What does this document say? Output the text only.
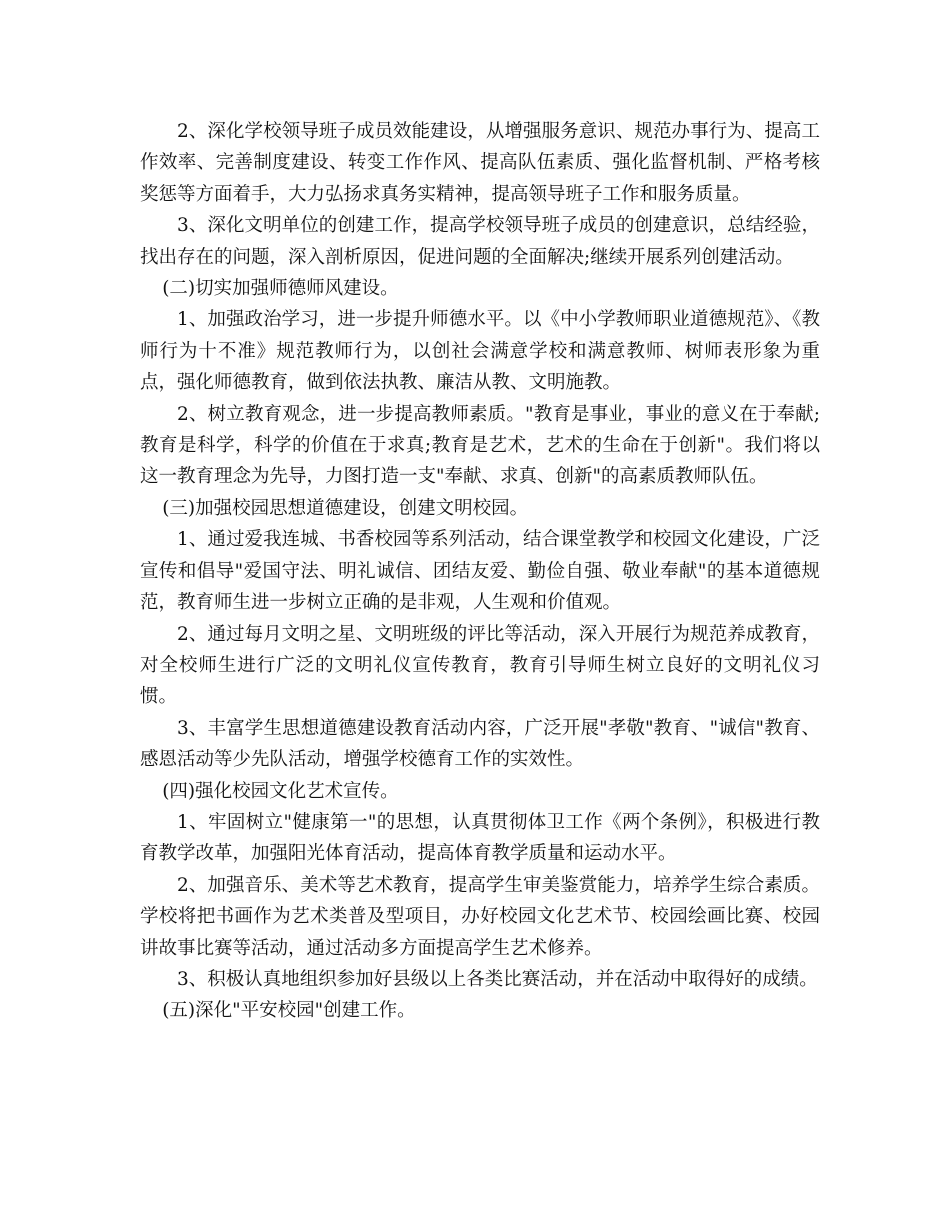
2、深化学校领导班子成员效能建设，从增强服务意识、规范办事行为、提高工作效率、完善制度建设、转变工作作风、提高队伍素质、强化监督机制、严格考核奖惩等方面着手，大力弘扬求真务实精神，提高领导班子工作和服务质量。

3、深化文明单位的创建工作，提高学校领导班子成员的创建意识，总结经验，找出存在的问题，深入剖析原因，促进问题的全面解决;继续开展系列创建活动。

(二)切实加强师德师风建设。

1、加强政治学习，进一步提升师德水平。以《中小学教师职业道德规范》、《教师行为十不准》规范教师行为，以创社会满意学校和满意教师、树师表形象为重点，强化师德教育，做到依法执教、廉洁从教、文明施教。

2、树立教育观念，进一步提高教师素质。"教育是事业，事业的意义在于奉献;教育是科学，科学的价值在于求真;教育是艺术，艺术的生命在于创新"。我们将以这一教育理念为先导，力图打造一支"奉献、求真、创新"的高素质教师队伍。

(三)加强校园思想道德建设，创建文明校园。

1、通过爱我连城、书香校园等系列活动，结合课堂教学和校园文化建设，广泛宣传和倡导"爱国守法、明礼诚信、团结友爱、勤俭自强、敬业奉献"的基本道德规范，教育师生进一步树立正确的是非观，人生观和价值观。

2、通过每月文明之星、文明班级的评比等活动，深入开展行为规范养成教育，对全校师生进行广泛的文明礼仪宣传教育，教育引导师生树立良好的文明礼仪习惯。

3、丰富学生思想道德建设教育活动内容，广泛开展"孝敬"教育、"诚信"教育、感恩活动等少先队活动，增强学校德育工作的实效性。

(四)强化校园文化艺术宣传。

1、牢固树立"健康第一"的思想，认真贯彻体卫工作《两个条例》，积极进行教育教学改革，加强阳光体育活动，提高体育教学质量和运动水平。

2、加强音乐、美术等艺术教育，提高学生审美鉴赏能力，培养学生综合素质。学校将把书画作为艺术类普及型项目，办好校园文化艺术节、校园绘画比赛、校园讲故事比赛等活动，通过活动多方面提高学生艺术修养。

3、积极认真地组织参加好县级以上各类比赛活动，并在活动中取得好的成绩。

(五)深化"平安校园"创建工作。
